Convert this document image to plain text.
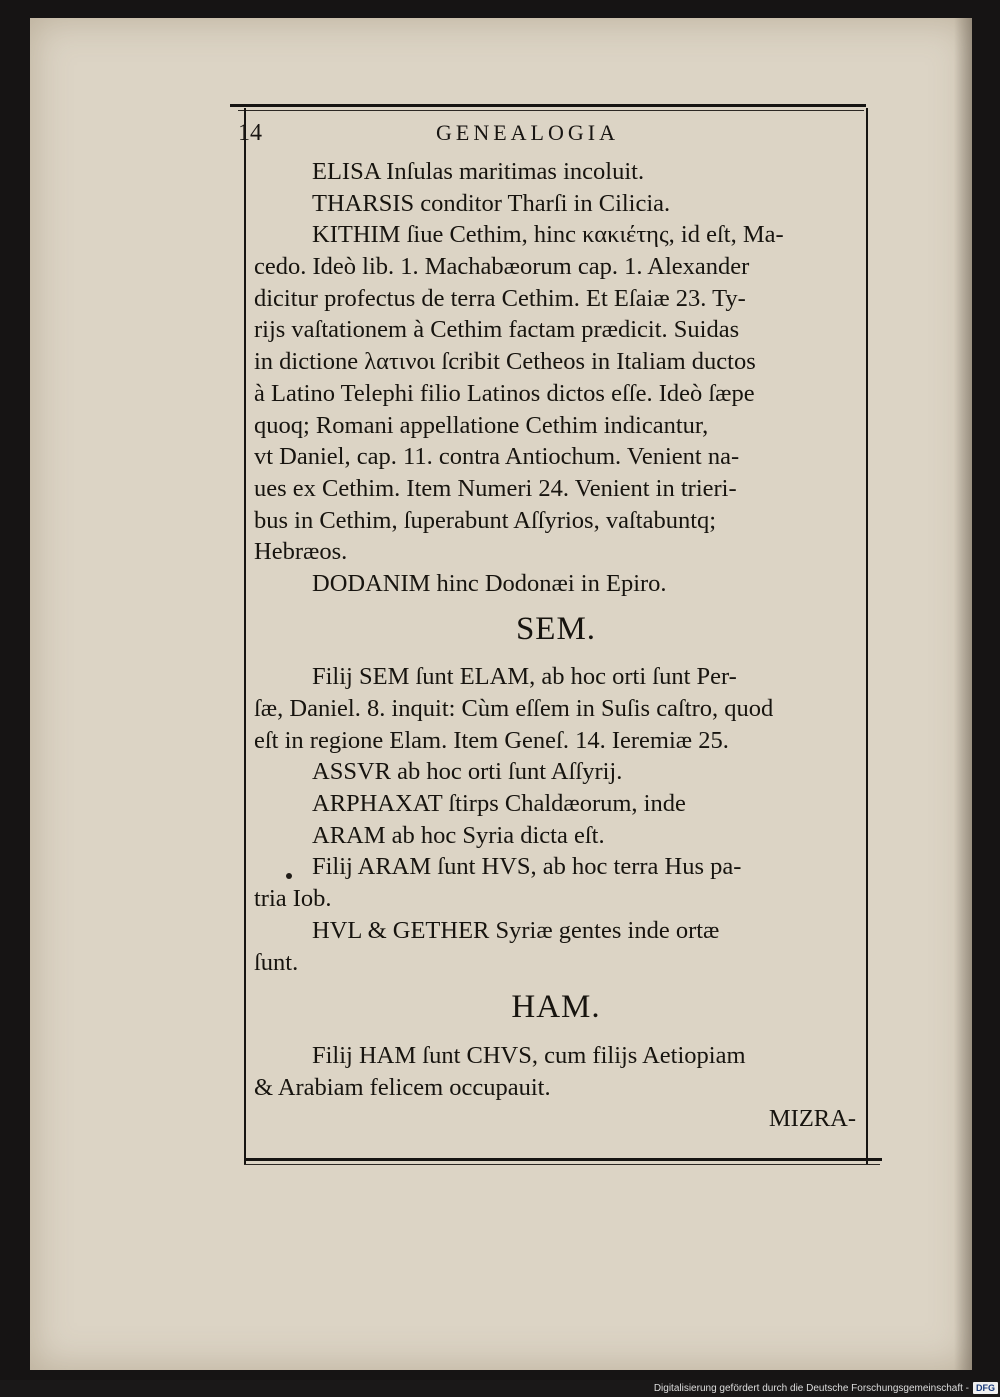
14	GENEALOGIA
ELISA Inſulas maritimas incoluit.
THARSIS conditor Tharſi in Cilicia.
KITHIM ſiue Cethim, hinc κακιέτης, id eſt, Ma-
cedo. Ideò lib. 1. Machabæorum cap. 1. Alexander
dicitur profectus de terra Cethim. Et Eſaiæ 23. Ty-
rijs vaſtationem à Cethim factam prædicit. Suidas
in dictione λατινοι ſcribit Cetheos in Italiam ductos
à Latino Telephi filio Latinos dictos eſſe. Ideò ſæpe
quoq; Romani appellatione Cethim indicantur,
vt Daniel, cap. 11. contra Antiochum. Venient na-
ues ex Cethim. Item Numeri 24. Venient in trieri-
bus in Cethim, ſuperabunt Aſſyrios, vaſtabuntq;
Hebræos.
DODANIM hinc Dodonæi in Epiro.
SEM.
Filij SEM ſunt ELAM, ab hoc orti ſunt Per-
ſæ, Daniel. 8. inquit: Cùm eſſem in Suſis caſtro, quod
eſt in regione Elam. Item Geneſ. 14. Ieremiæ 25.
ASSVR ab hoc orti ſunt Aſſyrij.
ARPHAXAT ſtirps Chaldæorum, inde
ARAM ab hoc Syria dicta eſt.
Filij ARAM ſunt HVS, ab hoc terra Hus pa-
tria Iob.
HVL & GETHER Syriæ gentes inde ortæ
ſunt.
HAM.
Filij HAM ſunt CHVS, cum filijs Aetiopiam
& Arabiam felicem occupauit.
MIZRA-
Digitalisierung gefördert durch die Deutsche Forschungsgemeinschaft - DFG
